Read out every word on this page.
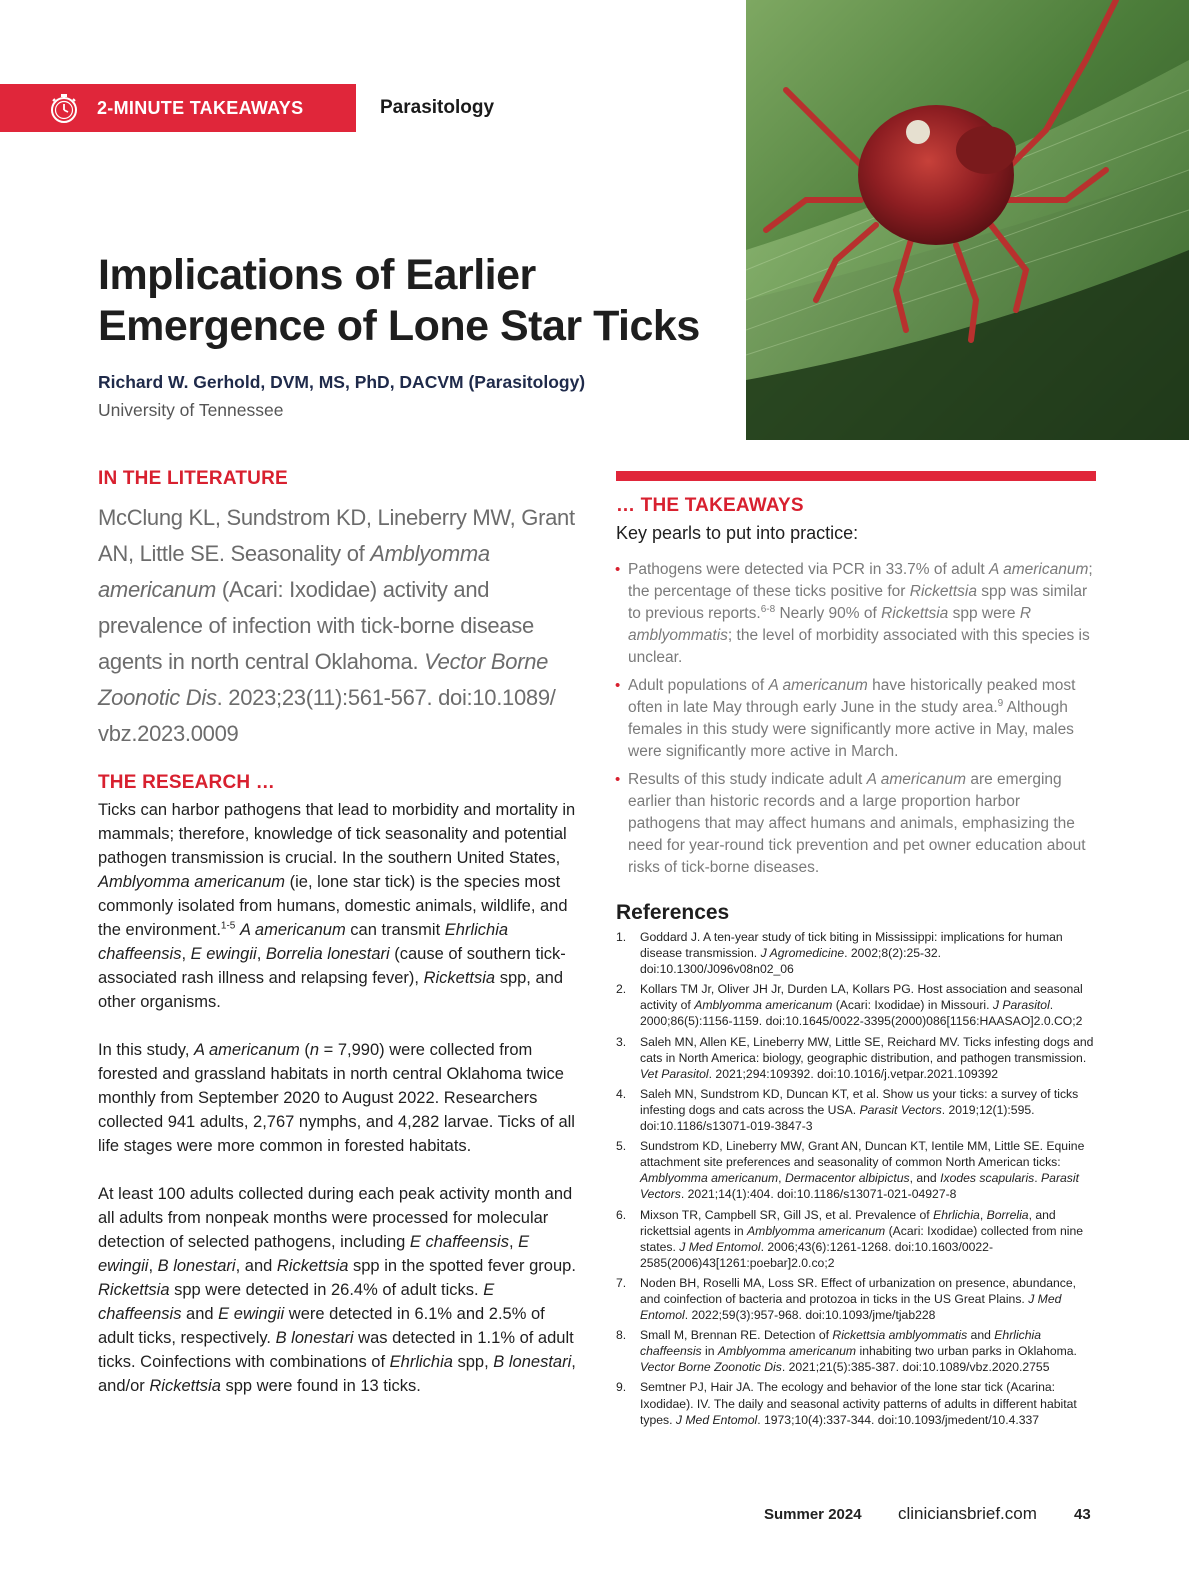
2-MINUTE TAKEAWAYS	Parasitology
Implications of Earlier
Emergence of Lone Star Ticks
Richard W. Gerhold, DVM, MS, PhD, DACVM (Parasitology)
University of Tennessee
IN THE LITERATURE

McClung KL, Sundstrom KD, Lineberry MW, Grant AN, Little SE. Seasonality of Amblyomma americanum (Acari: Ixodidae) activity and prevalence of infection with tick-borne disease agents in north central Oklahoma. Vector Borne Zoonotic Dis. 2023;23(11):561-567. doi:10.1089/ vbz.2023.0009

THE RESEARCH …

Ticks can harbor pathogens that lead to morbidity and mortality in mammals; therefore, knowledge of tick seasonality and potential pathogen transmission is crucial. In the southern United States, Amblyomma americanum (ie, lone star tick) is the species most commonly isolated from humans, domestic animals, wildlife, and the environment.$^{1-5}$ A americanum can transmit Ehrlichia chaffeensis, E ewingii, Borrelia lonestari (cause of southern tick-associated rash illness and relapsing fever), Rickettsia spp, and other organisms.

In this study, A americanum (n = 7,990) were collected from forested and grassland habitats in north central Oklahoma twice monthly from September 2020 to August 2022. Researchers collected 941 adults, 2,767 nymphs, and 4,282 larvae. Ticks of all life stages were more common in forested habitats.

At least 100 adults collected during each peak activity month and all adults from nonpeak months were processed for molecular detection of selected pathogens, including E chaffeensis, E ewingii, B lonestari, and Rickettsia spp in the spotted fever group. Rickettsia spp were detected in 26.4% of adult ticks. E chaffeensis and E ewingii were detected in 6.1% and 2.5% of adult ticks, respectively. B lonestari was detected in 1.1% of adult ticks. Coinfections with combinations of Ehrlichia spp, B lonestari, and/or Rickettsia spp were found in 13 ticks.

… THE TAKEAWAYS
Key pearls to put into practice:
• Pathogens were detected via PCR in 33.7% of adult A americanum; the percentage of these ticks positive for Rickettsia spp was similar to previous reports.$^{6-8}$ Nearly 90% of Rickettsia spp were R amblyommatis; the level of morbidity associated with this species is unclear.
• Adult populations of A americanum have historically peaked most often in late May through early June in the study area.$^9$ Although females in this study were significantly more active in May, males were significantly more active in March.
• Results of this study indicate adult A americanum are emerging earlier than historic records and a large proportion harbor pathogens that may affect humans and animals, emphasizing the need for year-round tick prevention and pet owner education about risks of tick-borne diseases.
References
1.	Goddard J. A ten-year study of tick biting in Mississippi: implications for human disease transmission. J Agromedicine. 2002;8(2):25-32. doi:10.1300/J096v08n02_06
2.	Kollars TM Jr, Oliver JH Jr, Durden LA, Kollars PG. Host association and seasonal activity of Amblyomma americanum (Acari: Ixodidae) in Missouri. J Parasitol. 2000;86(5):1156-1159. doi:10.1645/0022-3395(2000)086[1156:HAASAO]2.0.CO;2
3.	Saleh MN, Allen KE, Lineberry MW, Little SE, Reichard MV. Ticks infesting dogs and cats in North America: biology, geographic distribution, and pathogen transmission. Vet Parasitol. 2021;294:109392. doi:10.1016/j.vetpar.2021.109392
4.	Saleh MN, Sundstrom KD, Duncan KT, et al. Show us your ticks: a survey of ticks infesting dogs and cats across the USA. Parasit Vectors. 2019;12(1):595. doi:10.1186/s13071-019-3847-3
5.	Sundstrom KD, Lineberry MW, Grant AN, Duncan KT, Ientile MM, Little SE. Equine attachment site preferences and seasonality of common North American ticks: Amblyomma americanum, Dermacentor albipictus, and Ixodes scapularis. Parasit Vectors. 2021;14(1):404. doi:10.1186/s13071-021-04927-8
6.	Mixson TR, Campbell SR, Gill JS, et al. Prevalence of Ehrlichia, Borrelia, and rickettsial agents in Amblyomma americanum (Acari: Ixodidae) collected from nine states. J Med Entomol. 2006;43(6):1261-1268. doi:10.1603/0022-2585(2006)43[1261:poebar]2.0.co;2
7.	Noden BH, Roselli MA, Loss SR. Effect of urbanization on presence, abundance, and coinfection of bacteria and protozoa in ticks in the US Great Plains. J Med Entomol. 2022;59(3):957-968. doi:10.1093/jme/tjab228
8.	Small M, Brennan RE. Detection of Rickettsia amblyommatis and Ehrlichia chaffeensis in Amblyomma americanum inhabiting two urban parks in Oklahoma. Vector Borne Zoonotic Dis. 2021;21(5):385-387. doi:10.1089/vbz.2020.2755
9.	Semtner PJ, Hair JA. The ecology and behavior of the lone star tick (Acarina: Ixodidae). IV. The daily and seasonal activity patterns of adults in different habitat types. J Med Entomol. 1973;10(4):337-344. doi:10.1093/jmedent/10.4.337
Summer 2024 cliniciansbrief.com 43
